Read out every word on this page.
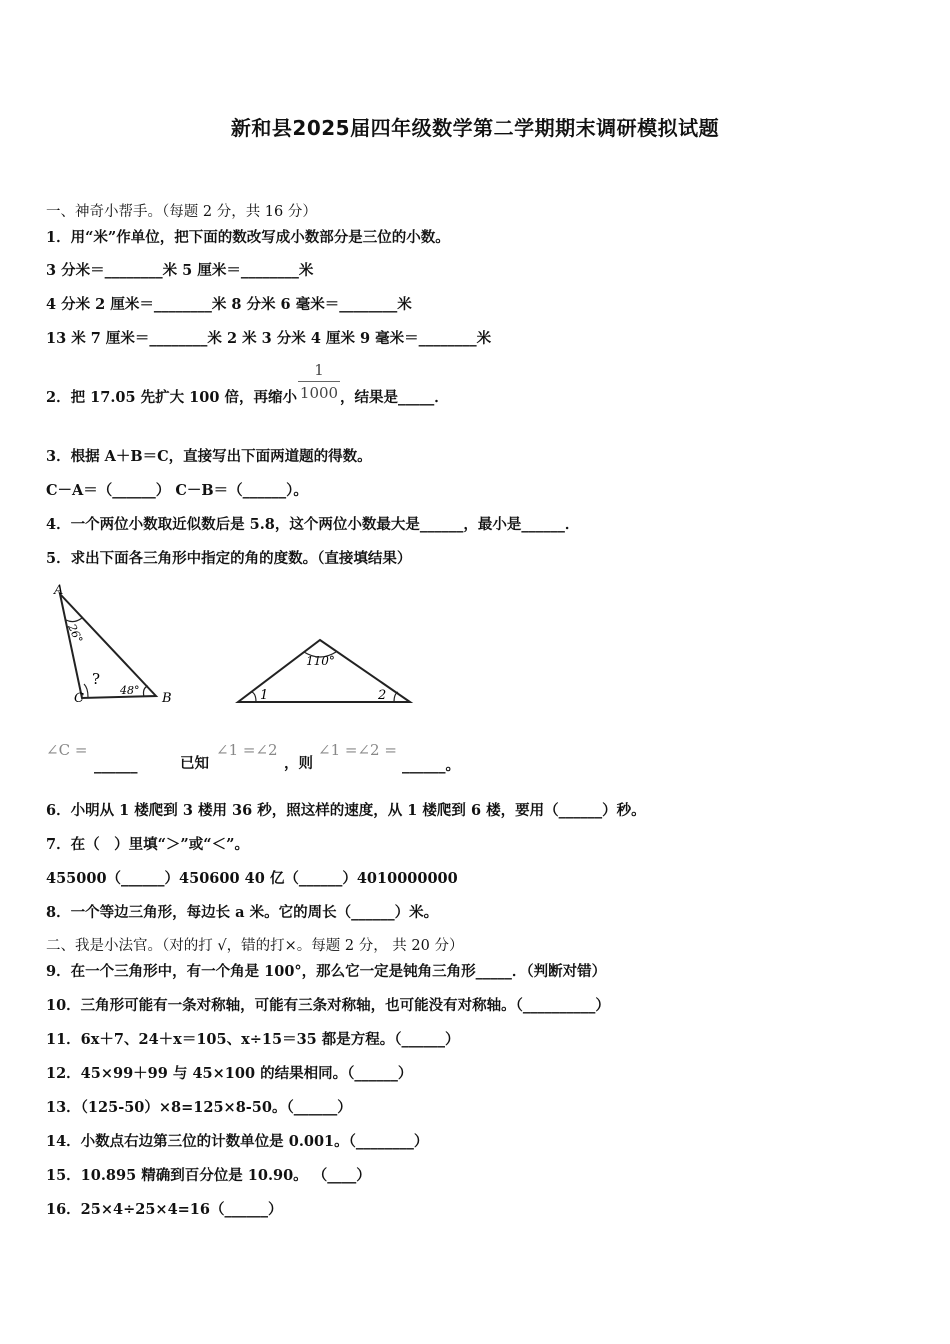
新和县2025届四年级数学第二学期期末调研模拟试题
一、神奇小帮手。（每题 2 分，共 16 分）
1．用“米”作单位，把下面的数改写成小数部分是三位的小数。
3 分米＝________米 5 厘米＝________米
4 分米 2 厘米＝________米 8 分米 6 毫米＝________米
13 米 7 厘米＝________米 2 米 3 分米 4 厘米 9 毫米＝________米
2．把 17.05 先扩大 100 倍，再缩小
1
1000 ，结果是_____．
3．根据 A＋B＝C，直接写出下面两道题的得数。
C－A＝（______） C－B＝（______）。
4．一个两位小数取近似数后是 5.8，这个两位小数最大是______，最小是______．
5．求出下面各三角形中指定的角的度数。（直接填结果）
A
26°
?
C
48°
B
110°
1	2
∠C =
______	已知
∠1 =∠2
，则
∠1 =∠2 =
______。
6．小明从 1 楼爬到 3 楼用 36 秒，照这样的速度，从 1 楼爬到 6 楼，要用（______）秒。
7．在（　）里填“＞”或“＜”。
455000（______）450600 40 亿（______）4010000000
8．一个等边三角形，每边长 a 米。它的周长（______）米。
二、我是小法官。（对的打 √，错的打×。每题 2 分， 共 20 分）
9．在一个三角形中，有一个角是 100°，那么它一定是钝角三角形_____．（判断对错）
10．三角形可能有一条对称轴，可能有三条对称轴，也可能没有对称轴。（__________）
11．6x＋7、24＋x＝105、x÷15＝35 都是方程。（______）
12．45×99＋99 与 45×100 的结果相同。（______）
13．（125-50）×8=125×8-50。（______）
14．小数点右边第三位的计数单位是 0.001。（________）
15．10.895 精确到百分位是 10.90。 （____）
16．25×4÷25×4=16（______）
